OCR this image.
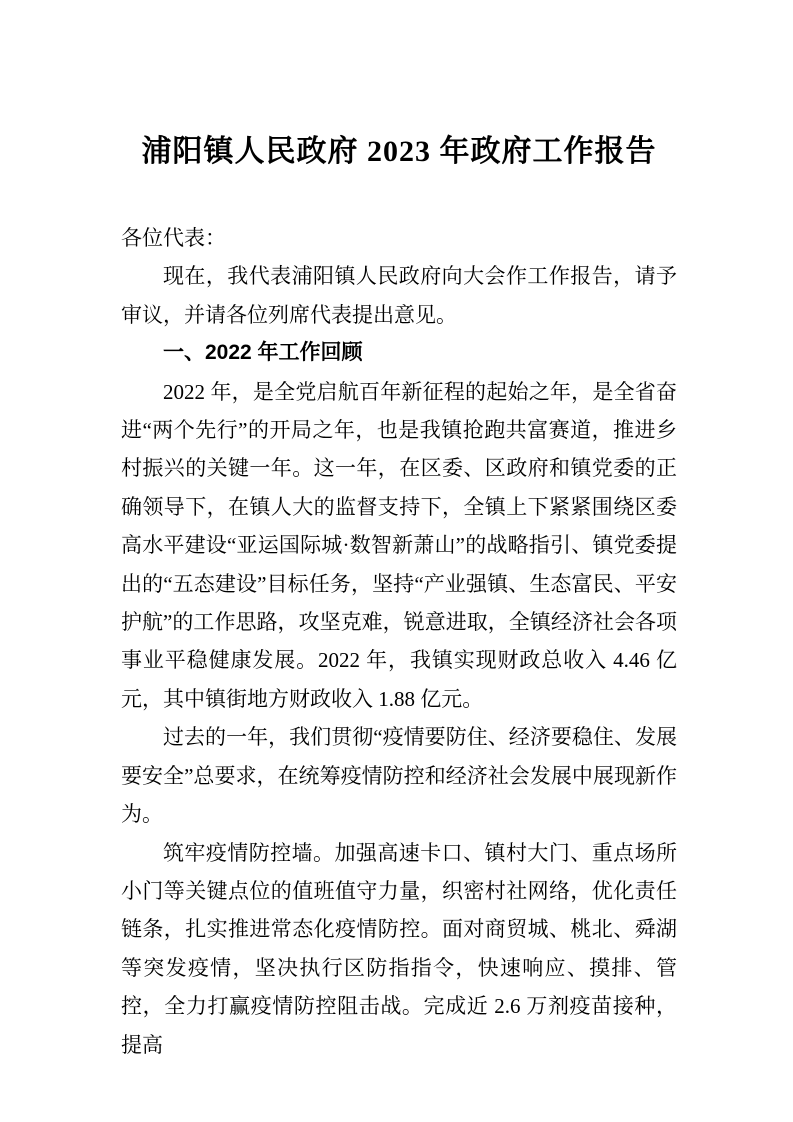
浦阳镇人民政府 2023 年政府工作报告

各位代表：

现在，我代表浦阳镇人民政府向大会作工作报告，请予审议，并请各位列席代表提出意见。

一、2022 年工作回顾

2022 年，是全党启航百年新征程的起始之年，是全省奋进“两个先行”的开局之年，也是我镇抢跑共富赛道，推进乡村振兴的关键一年。这一年，在区委、区政府和镇党委的正确领导下，在镇人大的监督支持下，全镇上下紧紧围绕区委高水平建设“亚运国际城·数智新萧山”的战略指引、镇党委提出的“五态建设”目标任务，坚持“产业强镇、生态富民、平安护航”的工作思路，攻坚克难，锐意进取，全镇经济社会各项事业平稳健康发展。2022 年，我镇实现财政总收入 4.46 亿元，其中镇街地方财政收入 1.88 亿元。

过去的一年，我们贯彻“疫情要防住、经济要稳住、发展要安全”总要求，在统筹疫情防控和经济社会发展中展现新作为。

筑牢疫情防控墙。加强高速卡口、镇村大门、重点场所小门等关键点位的值班值守力量，织密村社网络，优化责任链条，扎实推进常态化疫情防控。面对商贸城、桃北、舜湖等突发疫情，坚决执行区防指指令，快速响应、摸排、管控，全力打赢疫情防控阻击战。完成近 2.6 万剂疫苗接种，提高
